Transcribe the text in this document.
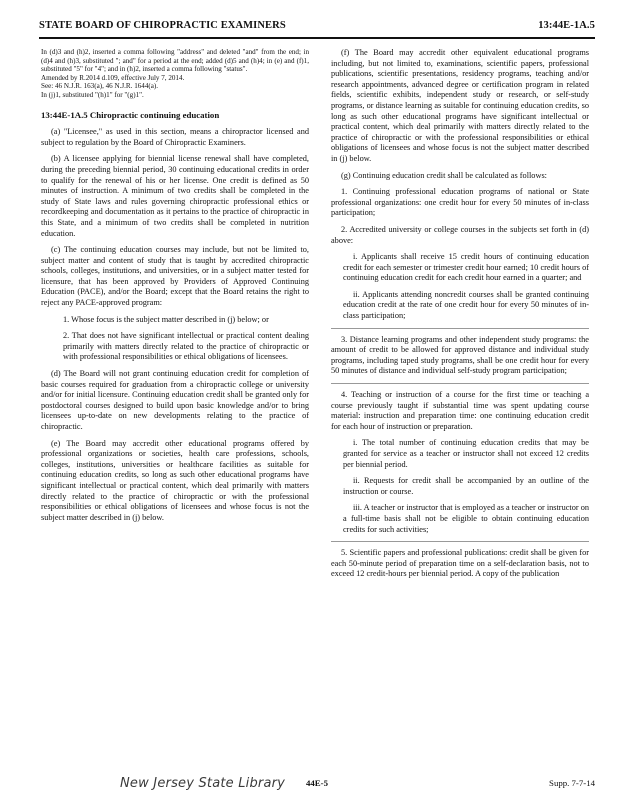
STATE BOARD OF CHIROPRACTIC EXAMINERS	13:44E-1A.5

In (d)3 and (h)2, inserted a comma following "address" and deleted "and" from the end; in (d)4 and (h)3, substituted "; and" for a period at the end; added (d)5 and (h)4; in (e) and (f)1, substituted "5" for "4"; and in (h)2, inserted a comma following "status".

Amended by R.2014 d.109, effective July 7, 2014.

See: 46 N.J.R. 163(a), 46 N.J.R. 1644(a).

In (j)1, substituted "(h)1" for "(g)1".

13:44E-1A.5 Chiropractic continuing education

(a) "Licensee," as used in this section, means a chiropractor licensed and subject to regulation by the Board of Chiropractic Examiners.

(b) A licensee applying for biennial license renewal shall have completed, during the preceding biennial period, 30 continuing educational credits in order to qualify for the renewal of his or her license. One credit is defined as 50 minutes of instruction. A minimum of two credits shall be completed in the study of State laws and rules governing chiropractic professional ethics or recordkeeping and documentation as it pertains to the practice of chiropractic in this State, and a minimum of two credits shall be completed in nutrition education.

(c) The continuing education courses may include, but not be limited to, subject matter and content of study that is taught by accredited chiropractic schools, colleges, institutions, and universities, or in a subject matter tested for licensure, that has been approved by Providers of Approved Continuing Education (PACE), and/or the Board; except that the Board retains the right to reject any PACE-approved program:

1. Whose focus is the subject matter described in (j) below; or

2. That does not have significant intellectual or practical content dealing primarily with matters directly related to the practice of chiropractic or with professional responsibilities or ethical obligations of licensees.

(d) The Board will not grant continuing education credit for completion of basic courses required for graduation from a chiropractic college or university and/or for initial licensure. Continuing education credit shall be granted only for postdoctoral courses designed to build upon basic knowledge and/or to bring licensees up-to-date on new developments relating to the practice of chiropractic.

(e) The Board may accredit other educational programs offered by professional organizations or societies, health care professions, schools, colleges, institutions, universities or healthcare facilities as suitable for continuing education credits, so long as such other educational programs have significant intellectual or practical content, which deal primarily with matters directly related to the practice of chiropractic or with the professional responsibilities or ethical obligations of licensees and whose focus is not the subject matter described in (j) below.

(f) The Board may accredit other equivalent educational programs including, but not limited to, examinations, scientific papers, professional publications, scientific presentations, residency programs, teaching and/or research appointments, advanced degree or certification program in related fields, scientific exhibits, independent study or research, or self-study programs, or distance learning as suitable for continuing education credits, so long as such other educational programs have significant intellectual or practical content, which deal primarily with matters directly related to the practice of chiropractic or with the professional responsibilities or ethical obligations of licensees and whose focus is not the subject matter described in (j) below.

(g) Continuing education credit shall be calculated as follows:

1. Continuing professional education programs of national or State professional organizations: one credit hour for every 50 minutes of in-class participation;

2. Accredited university or college courses in the subjects set forth in (d) above:

i. Applicants shall receive 15 credit hours of continuing education credit for each semester or trimester credit hour earned; 10 credit hours of continuing education credit for each credit hour earned in a quarter; and

ii. Applicants attending noncredit courses shall be granted continuing education credit at the rate of one credit hour for every 50 minutes of in-class participation;

3. Distance learning programs and other independent study programs: the amount of credit to be allowed for approved distance and individual study programs, including taped study programs, shall be one credit hour for every 50 minutes of distance and individual self-study program participation;

4. Teaching or instruction of a course for the first time or teaching a course previously taught if substantial time was spent updating course material: instruction and preparation time: one continuing education credit for each hour of instruction or preparation.

i. The total number of continuing education credits that may be granted for service as a teacher or instructor shall not exceed 12 credits per biennial period.

ii. Requests for credit shall be accompanied by an outline of the instruction or course.

iii. A teacher or instructor that is employed as a teacher or instructor on a full-time basis shall not be eligible to obtain continuing education credits for such activities;

5. Scientific papers and professional publications: credit shall be given for each 50-minute period of preparation time on a self-declaration basis, not to exceed 12 credit-hours per biennial period. A copy of the publication

New Jersey State Library 44E-5	Supp. 7-7-14
